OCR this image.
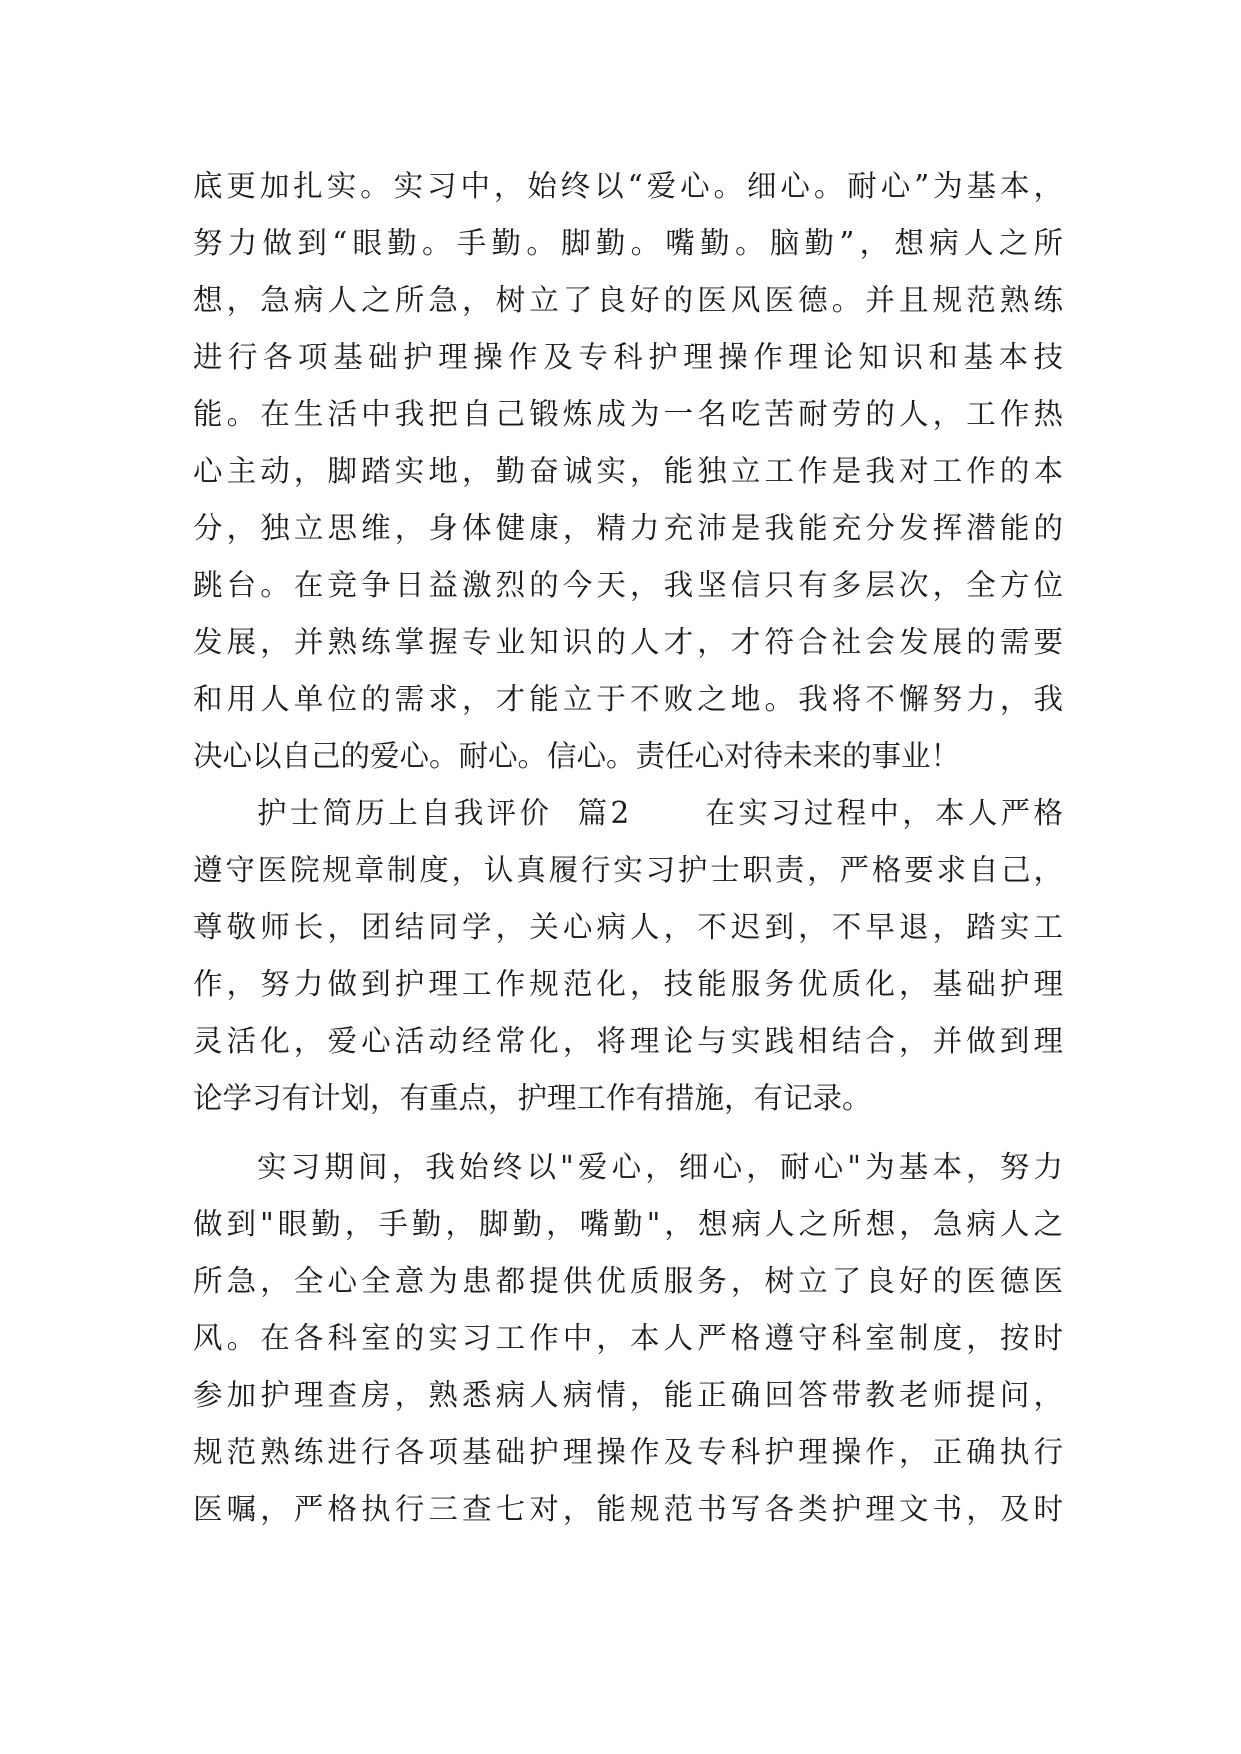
底更加扎实。实习中，始终以“爱心。细心。耐心”为基本，
努力做到“眼勤。手勤。脚勤。嘴勤。脑勤”，想病人之所
想，急病人之所急，树立了良好的医风医德。并且规范熟练
进行各项基础护理操作及专科护理操作理论知识和基本技
能。在生活中我把自己锻炼成为一名吃苦耐劳的人，工作热
心主动，脚踏实地，勤奋诚实，能独立工作是我对工作的本
分，独立思维，身体健康，精力充沛是我能充分发挥潜能的
跳台。在竞争日益激烈的今天，我坚信只有多层次，全方位
发展，并熟练掌握专业知识的人才，才符合社会发展的需要
和用人单位的需求，才能立于不败之地。我将不懈努力，我
决心以自己的爱心。耐心。信心。责任心对待未来的事业！
护士简历上自我评价  篇2      在实习过程中，本人严格
遵守医院规章制度，认真履行实习护士职责，严格要求自己，
尊敬师长，团结同学，关心病人，不迟到，不早退，踏实工
作，努力做到护理工作规范化，技能服务优质化，基础护理
灵活化，爱心活动经常化，将理论与实践相结合，并做到理
论学习有计划，有重点，护理工作有措施，有记录。
实习期间，我始终以"爱心，细心，耐心"为基本，努力
做到"眼勤，手勤，脚勤，嘴勤"，想病人之所想，急病人之
所急，全心全意为患都提供优质服务，树立了良好的医德医
风。在各科室的实习工作中，本人严格遵守科室制度，按时
参加护理查房，熟悉病人病情，能正确回答带教老师提问，
规范熟练进行各项基础护理操作及专科护理操作，正确执行
医嘱，严格执行三查七对，能规范书写各类护理文书，及时
